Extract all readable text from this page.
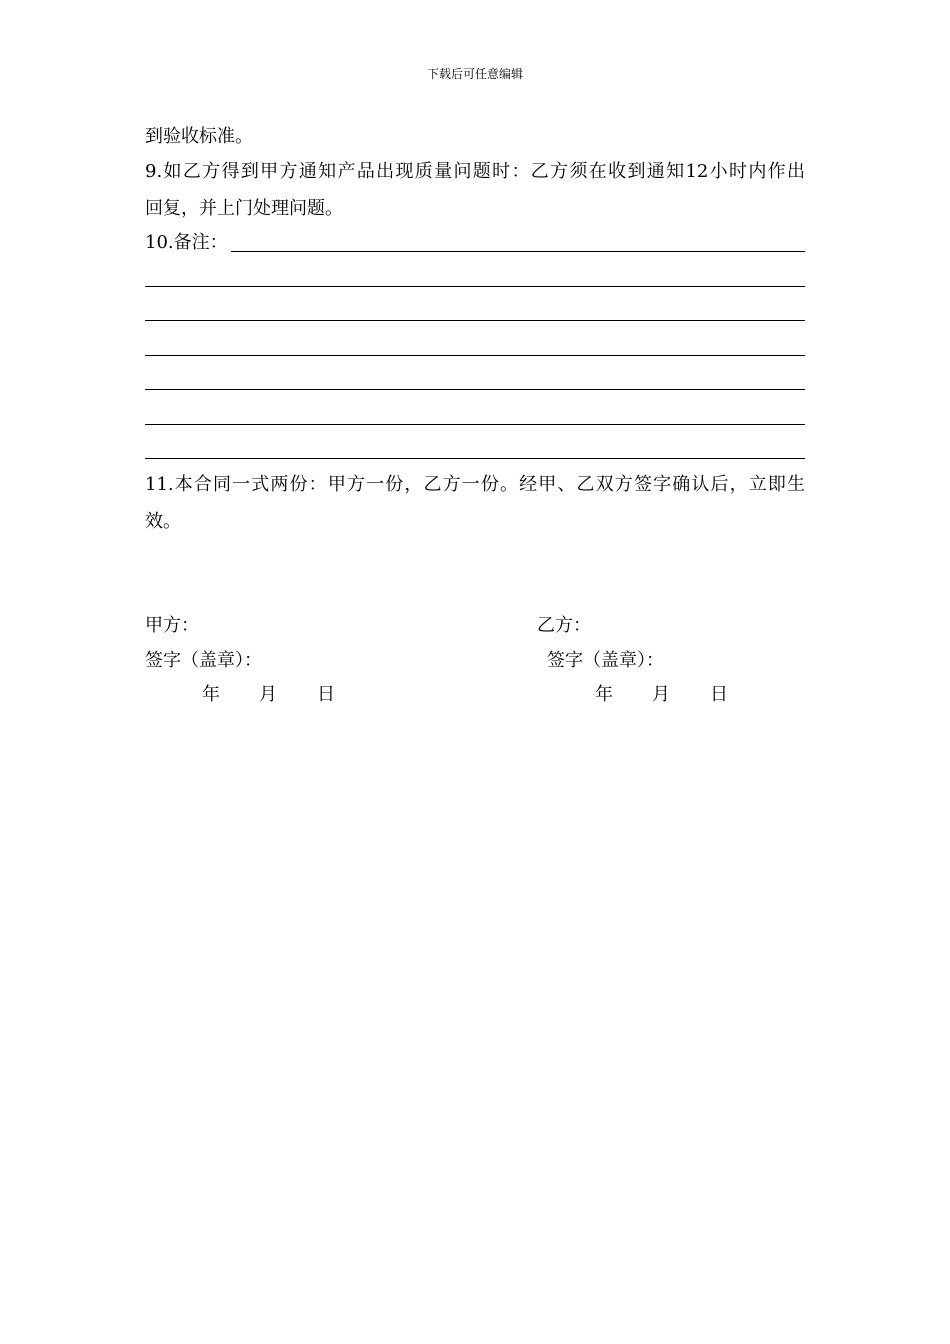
下载后可任意编辑
到验收标准。
9.如乙方得到甲方通知产品出现质量问题时：乙方须在收到通知12小时内作出
回复，并上门处理问题。
10.备注：
11.本合同一式两份：甲方一份，乙方一份。经甲、乙双方签字确认后，立即生
效。
甲方：	乙方：
签字（盖章）：	签字（盖章）：
年 月 日	年 月 日
